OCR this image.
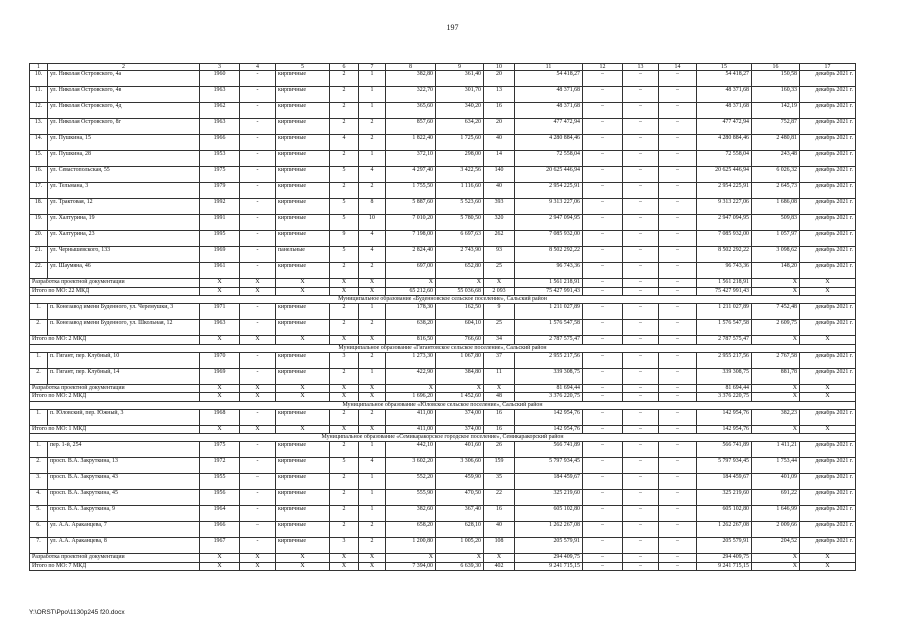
197
1	2	3	4	5	6	7	8	9	10	11	12	13	14	15	16	17
10.	ул. Николая Островского, 4а	1960	-	кирпичные	2	1	382,80	361,40	20	54 418,27	–	–	–	54 418,27	150,58	декабрь 2021 г.
11.	ул. Николая Островского, 4в	1963	-	кирпичные	2	1	322,70	301,70	13	48 371,68	–	–	–	48 371,68	160,33	декабрь 2021 г.
12.	ул. Николая Островского, 4д	1962	-	кирпичные	2	1	365,60	340,20	16	48 371,68	–	–	–	48 371,68	142,19	декабрь 2021 г.
13.	ул. Николая Островского, 8г	1963	-	кирпичные	2	2	857,60	634,20	20	477 472,94	–	–	–	477 472,94	752,87	декабрь 2021 г.
14.	ул. Пушкина, 15	1966	-	кирпичные	4	2	1 822,40	1 725,60	40	4 280 884,46	–	–	–	4 280 884,46	2 480,81	декабрь 2021 г.
15.	ул. Пушкина, 28	1953	-	кирпичные	2	1	372,10	298,00	14	72 558,04	–	–	–	72 558,04	243,48	декабрь 2021 г.
16.	ул. Севастопольская, 55	1975	-	кирпичные	5	4	4 297,40	3 422,56	140	20 625 446,94	–	–	–	20 625 446,94	6 026,32	декабрь 2021 г.
17.	ул. Тельмана, 3	1979	-	кирпичные	2	2	1 755,50	1 116,60	40	2 954 225,91	–	–	–	2 954 225,91	2 645,73	декабрь 2021 г.
18.	ул. Трактовая, 12	1992	-	кирпичные	5	8	5 887,60	5 523,60	393	9 313 227,06	–	–	–	9 313 227,06	1 686,08	декабрь 2021 г.
19.	ул. Халтурина, 19	1991	-	кирпичные	5	10	7 010,20	5 780,50	320	2 947 094,95	–	–	–	2 947 094,95	509,83	декабрь 2021 г.
20.	ул. Халтурина, 23	1995	-	кирпичные	9	4	7 198,00	6 697,63	262	7 085 932,00	–	–	–	7 085 932,00	1 057,97	декабрь 2021 г.
21.	ул. Чернышевского, 133	1969	-	панельные	5	4	2 824,40	2 743,90	93	8 502 292,22	–	–	–	8 502 292,22	3 098,62	декабрь 2021 г.
22.	ул. Шаумяна, 46	1961	-	кирпичные	2	2	697,00	652,80	25	96 743,36	–	–	–	96 743,36	148,20	декабрь 2021 г.
Разработка проектной документации		Х	Х	Х	Х	Х	Х	Х	Х	1 561 218,91	–	–	–	1 561 218,91	Х	Х
Итого по МО: 22 МКД		Х	Х	Х	Х	Х	65 212,60	55 036,68	2 093	75 427 991,43	–	–	–	75 427 991,43	Х	Х
Муниципальное образование «Буденновское сельское поселение», Сальский район																
1.	п. Конезавод имени Буденного, ул. Черемушки, 3	1971	-	кирпичные	2	1	178,30	162,50	9	1 211 027,89	–	–	–	1 211 027,89	7 452,48	декабрь 2021 г.
2.	п. Конезавод имени Буденного, ул. Школьная, 12	1963	-	кирпичные	2	2	638,20	604,10	25	1 576 547,58	–	–	–	1 576 547,58	2 609,75	декабрь 2021 г.
Итого по МО: 2 МКД		Х	Х	Х	Х	Х	816,50	766,60	34	2 787 575,47	–	–	–	2 787 575,47	Х	Х
Муниципальное образование «Гигантовское сельское поселение», Сальский район																
1.	п. Гигант, пер. Клубный, 10	1970	-	кирпичные	3	2	1 273,30	1 067,80	37	2 955 217,56	–	–	–	2 955 217,56	2 767,58	декабрь 2021 г.
2.	п. Гигант, пер. Клубный, 14	1969	-	кирпичные	2	1	422,90	384,80	11	339 308,75	–	–	–	339 308,75	881,78	декабрь 2021 г.
Разработка проектной документации		Х	Х	Х	Х	Х	Х	Х	Х	81 694,44	–	–	–	81 694,44	Х	Х
Итого по МО: 2 МКД		Х	Х	Х	Х	Х	1 696,20	1 452,60	48	3 376 220,75	–	–	–	3 376 220,75	Х	Х
Муниципальное образование «Юловское сельское поселение», Сальский район																
1.	п. Юловский, пер. Южный, 3	1968	-	кирпичные	2	2	411,00	374,00	16	142 954,76	–	–	–	142 954,76	382,23	декабрь 2021 г.
Итого по МО: 1 МКД		Х	Х	Х	Х	Х	411,00	374,00	16	142 954,76	–	–	–	142 954,76	Х	Х
Муниципальное образование «Семикаракорское городское поселение», Семикаракорский район																
1.	пер. 1-й, 254	1975	-	кирпичные	2	1	442,10	401,60	26	566 741,89	–	–	–	566 741,89	1 411,21	декабрь 2021 г.
2.	просп. В.А. Закруткина, 13	1972	-	кирпичные	5	4	3 602,20	3 306,60	159	5 797 934,45	–	–	–	5 797 934,45	1 753,44	декабрь 2021 г.
3.	просп. В.А. Закруткина, 43	1955	–	кирпичные	2	1	552,20	459,90	35	184 459,67	–	–	–	184 459,67	401,09	декабрь 2021 г.
4.	просп. В.А. Закруткина, 45	1956	-	кирпичные	2	1	555,90	470,50	22	325 219,60	–	–	–	325 219,60	691,22	декабрь 2021 г.
5.	просп. В.А. Закруткина, 9	1964	-	кирпичные	2	1	382,60	367,40	16	605 102,80	–	–	–	605 102,80	1 646,99	декабрь 2021 г.
6.	ул. А.А. Араканцева, 7	1966	–	кирпичные	2	2	658,20	628,10	40	1 262 267,08	–	–	–	1 262 267,08	2 009,66	декабрь 2021 г.
7.	ул. А.А. Араканцева, 8	1967	-	кирпичные	3	2	1 200,80	1 005,20	108	205 579,91	–	–	–	205 579,91	204,52	декабрь 2021 г.
Разработка проектной документации		Х	Х	Х	Х	Х	Х	Х	Х	294 409,75	–	–	–	294 409,75	Х	Х
Итого по МО: 7 МКД		Х	Х	Х	Х	Х	7 394,00	6 639,30	402	9 241 715,15	–	–	–	9 241 715,15	Х	Х
Y:\ORST\Ppo\1130p245 f20.docx
